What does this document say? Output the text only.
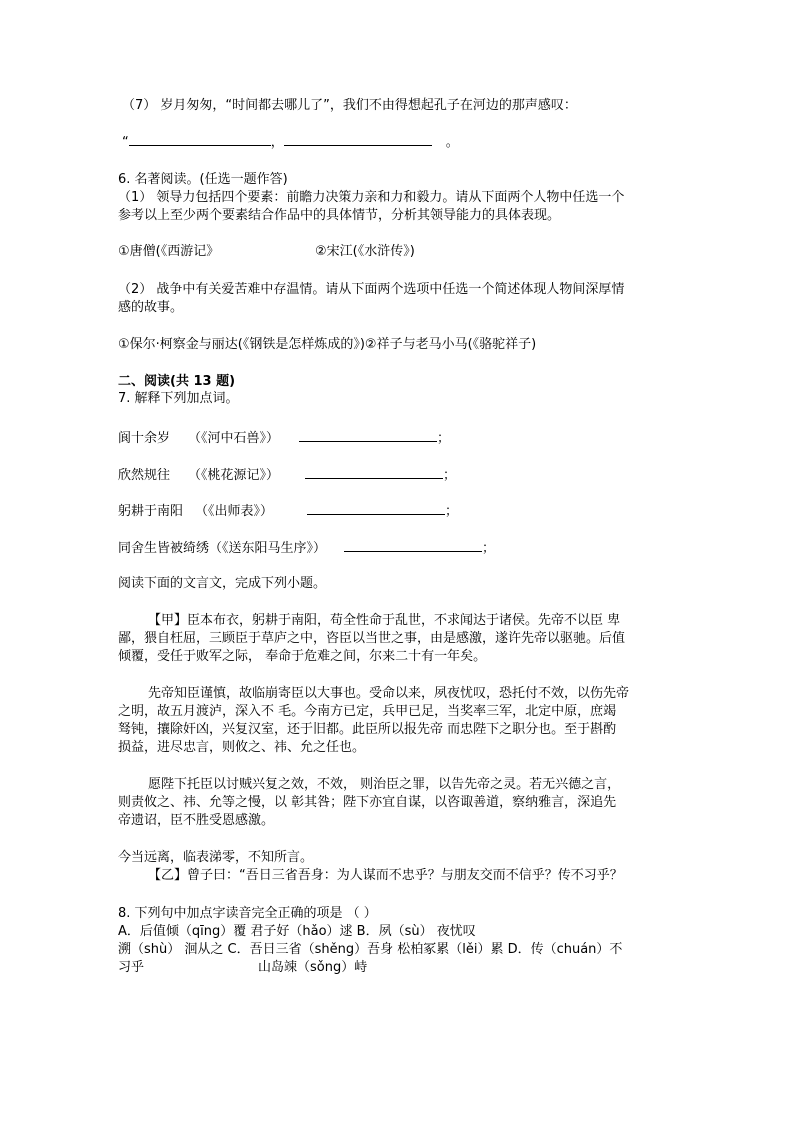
（7） 岁月匆匆，“时间都去哪儿了”，我们不由得想起孔子在河边的那声感叹：
“	，	。
6. 名著阅读。(任选一题作答)
（1） 领导力包括四个要素：前瞻力决策力亲和力和毅力。请从下面两个人物中任选一个
参考以上至少两个要素结合作品中的具体情节，分析其领导能力的具体表现。
①唐僧(《西游记》	②宋江(《水浒传》)
（2） 战争中有关爱苦难中存温情。请从下面两个选项中任选一个简述体现人物间深厚情
感的故事。
①保尔·柯察金与丽达(《钢铁是怎样炼成的》)②祥子与老马小马(《骆驼祥子)
二、阅读(共 13 题)
7. 解释下列加点词。
阆十余岁 （《河中石兽》）	；
欣然规往 （《桃花源记》）	；
躬耕于南阳 （《出师表》）	；
同舍生皆被绮绣（《送东阳马生序》）	；
阅读下面的文言文，完成下列小题。
【甲】臣本布衣，躬耕于南阳，苟全性命于乱世，不求闻达于诸侯。先帝不以臣 卑
鄙，猥自枉屈，三顾臣于草庐之中，咨臣以当世之事，由是感激，遂许先帝以驱驰。后值
倾覆，受任于败军之际， 奉命于危难之间，尔来二十有一年矣。
先帝知臣谨慎，故临崩寄臣以大事也。受命以来，夙夜忧叹，恐托付不效，以伤先帝
之明，故五月渡泸，深入不 毛。今南方已定，兵甲已足，当奖率三军，北定中原，庶竭
驽钝，攘除奸凶，兴复汉室，还于旧都。此臣所以报先帝 而忠陛下之职分也。至于斟酌
损益，进尽忠言，则攸之、祎、允之任也。
愿陛下托臣以讨贼兴复之效，不效， 则治臣之罪，以告先帝之灵。若无兴德之言，
则责攸之、祎、允等之慢，以 彰其咎；陛下亦宜自谋，以咨诹善道，察纳雅言，深追先
帝遗诏，臣不胜受恩感激。
今当远离，临表涕零，不知所言。
【乙】曾子曰：“吾日三省吾身：为人谋而不忠乎？与朋友交而不信乎？传不习乎？
8. 下列句中加点字读音完全正确的项是 （ ）
A．后值倾（qīng）覆 君子好（hǎo）逑 B．夙（sù） 夜忧叹
溯（shù） 洄从之 C．吾日三省（shěng）吾身 松柏冢累（lěi）累 D．传（chuán）不
习乎	山岛竦（sǒng）峙
